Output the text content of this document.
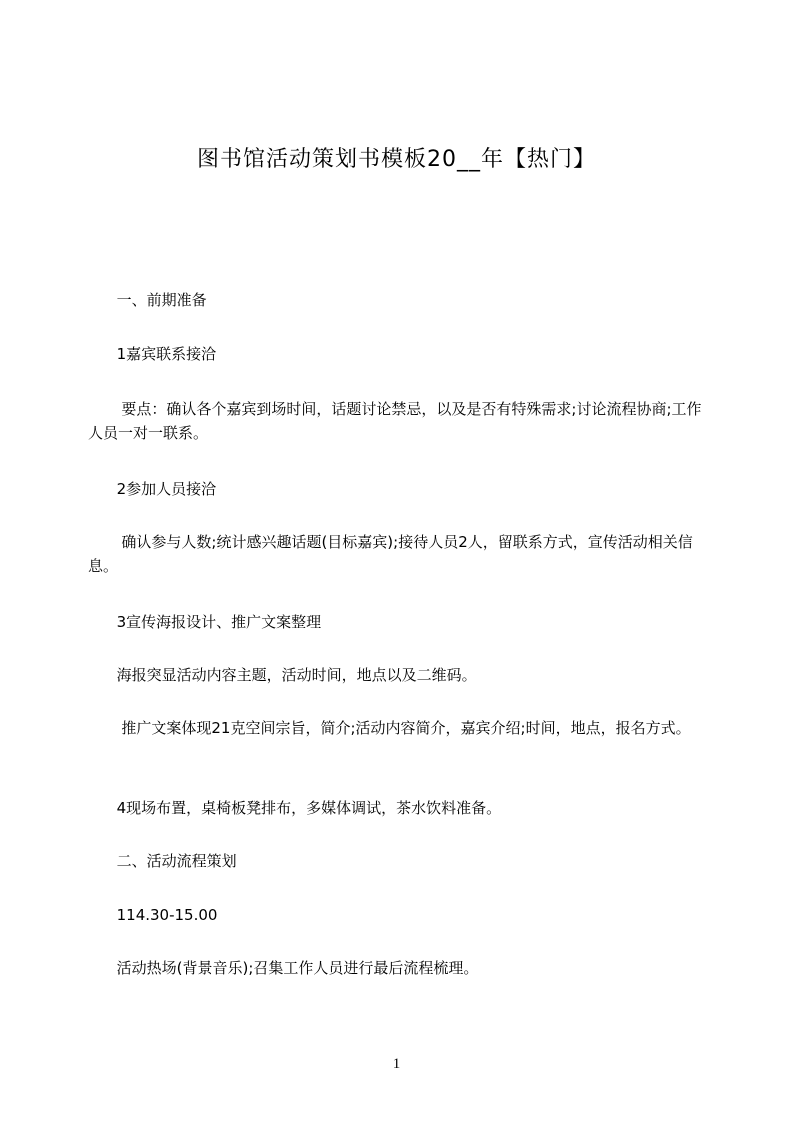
图书馆活动策划书模板20__年【热门】

一、前期准备

1嘉宾联系接洽

要点：确认各个嘉宾到场时间，话题讨论禁忌，以及是否有特殊需求;讨论流程协商;工作人员一对一联系。

2参加人员接洽

确认参与人数;统计感兴趣话题(目标嘉宾);接待人员2人，留联系方式，宣传活动相关信息。

3宣传海报设计、推广文案整理

海报突显活动内容主题，活动时间，地点以及二维码。

推广文案体现21克空间宗旨，简介;活动内容简介，嘉宾介绍;时间，地点，报名方式。

4现场布置，桌椅板凳排布，多媒体调试，茶水饮料准备。

二、活动流程策划

114.30-15.00

活动热场(背景音乐);召集工作人员进行最后流程梳理。

1
